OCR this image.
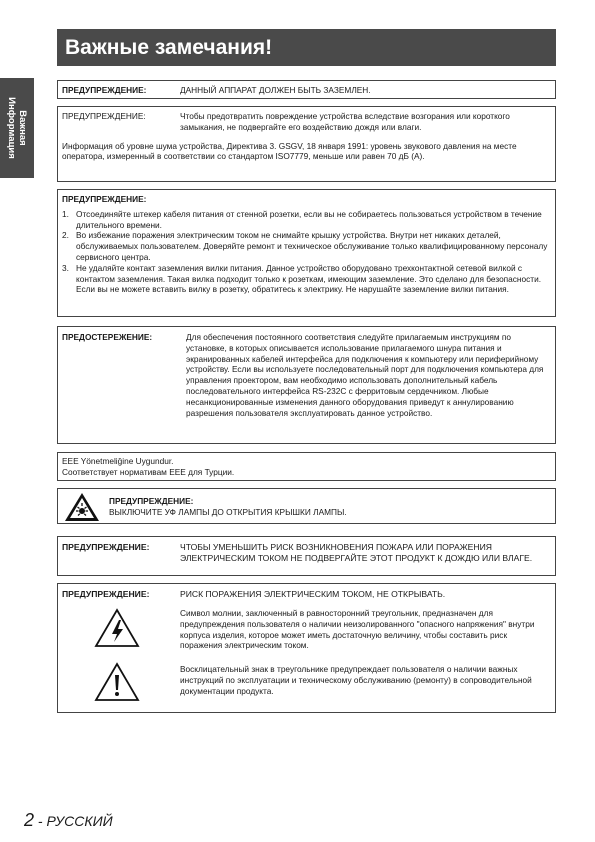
Важные замечания!
Важная
Информация
ПРЕДУПРЕЖДЕНИЕ:	ДАННЫЙ АППАРАТ ДОЛЖЕН БЫТЬ ЗАЗЕМЛЕН.
ПРЕДУПРЕЖДЕНИЕ:	Чтобы предотвратить повреждение устройства вследствие возгорания или короткого замыкания, не подвергайте его воздействию дождя или влаги.

Информация об уровне шума устройства, Директива 3. GSGV, 18 января 1991: уровень звукового давления на месте оператора, измеренный в соответствии со стандартом ISO7779, меньше или равен 70 дБ (A).

ПРЕДУПРЕЖДЕНИЕ:
1. Отсоединяйте штекер кабеля питания от стенной розетки, если вы не собираетесь пользоваться устройством в течение длительного времени.
2. Во избежание поражения электрическим током не снимайте крышку устройства. Внутри нет никаких деталей, обслуживаемых пользователем. Доверяйте ремонт и техническое обслуживание только квалифицированному персоналу сервисного центра.
3. Не удаляйте контакт заземления вилки питания. Данное устройство оборудовано трехконтактной сетевой вилкой с контактом заземления. Такая вилка подходит только к розеткам, имеющим заземление. Это сделано для безопасности. Если вы не можете вставить вилку в розетку, обратитесь к электрику. Не нарушайте заземление вилки питания.
ПРЕДОСТЕРЕЖЕНИЕ:	Для обеспечения постоянного соответствия следуйте прилагаемым инструкциям по установке, в которых описывается использование прилагаемого шнура питания и экранированных кабелей интерфейса для подключения к компьютеру или периферийному устройству. Если вы используете последовательный порт для подключения компьютера для управления проектором, вам необходимо использовать дополнительный кабель последовательного интерфейса RS-232C с ферритовым сердечником. Любые несанкционированные изменения данного оборудования приведут к аннулированию разрешения пользователя эксплуатировать данное устройство.
EEE Yönetmeliğine Uygundur.
Соответствует нормативам EEE для Турции.
ПРЕДУПРЕЖДЕНИЕ:
ВЫКЛЮЧИТЕ УФ ЛАМПЫ ДО ОТКРЫТИЯ КРЫШКИ ЛАМПЫ.
ПРЕДУПРЕЖДЕНИЕ:	ЧТОБЫ УМЕНЬШИТЬ РИСК ВОЗНИКНОВЕНИЯ ПОЖАРА ИЛИ ПОРАЖЕНИЯ ЭЛЕКТРИЧЕСКИМ ТОКОМ НЕ ПОДВЕРГАЙТЕ ЭТОТ ПРОДУКТ К ДОЖДЮ ИЛИ ВЛАГЕ.
ПРЕДУПРЕЖДЕНИЕ:	РИСК ПОРАЖЕНИЯ ЭЛЕКТРИЧЕСКИМ ТОКОМ, НЕ ОТКРЫВАТЬ.

Символ молнии, заключенный в равносторонний треугольник, предназначен для предупреждения пользователя о наличии неизолированного "опасного напряжения" внутри корпуса изделия, которое может иметь достаточную величину, чтобы составить риск поражения электрическим током.

Восклицательный знак в треугольнике предупреждает пользователя о наличии важных инструкций по эксплуатации и техническому обслуживанию (ремонту) в сопроводительной документации продукта.

2 - РУССКИЙ
